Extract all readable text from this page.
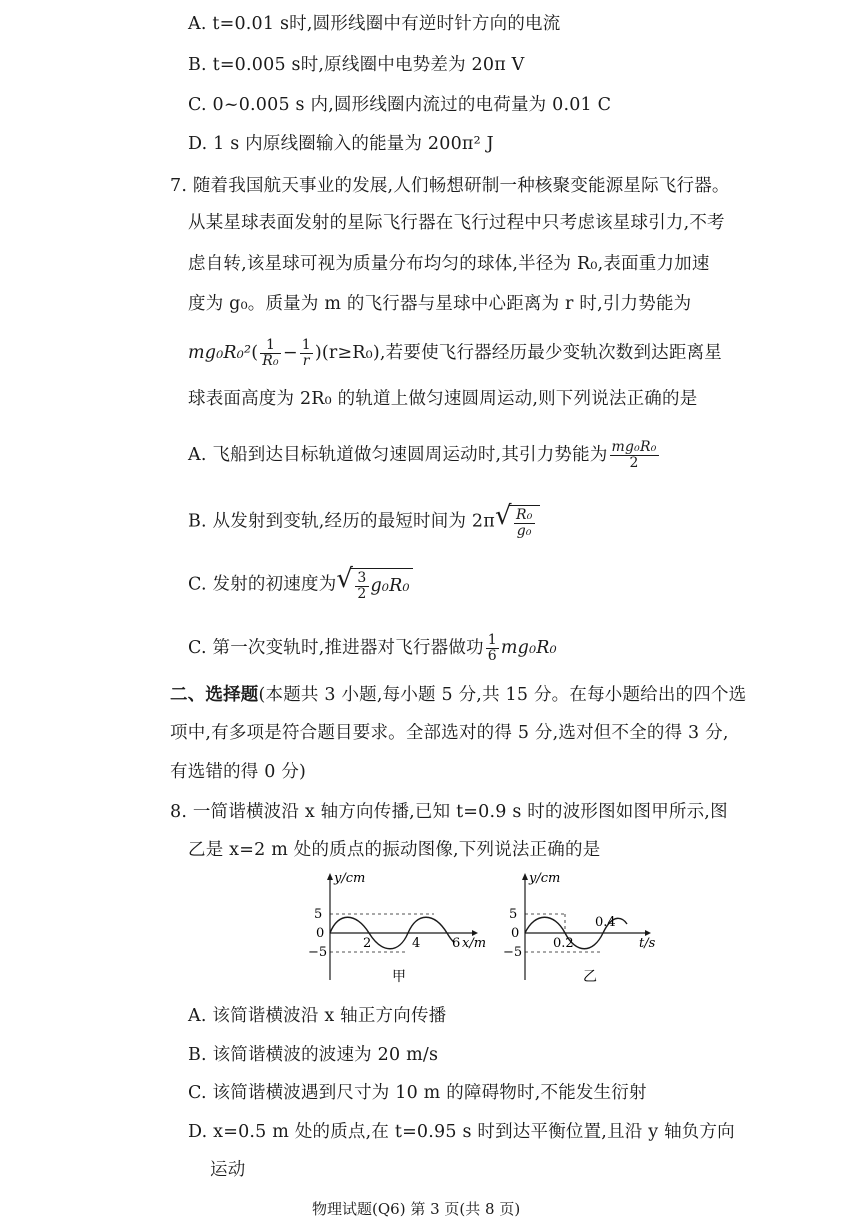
A. t=0.01 s时,圆形线圈中有逆时针方向的电流
B. t=0.005 s时,原线圈中电势差为 20π V
C. 0~0.005 s 内,圆形线圈内流过的电荷量为 0.01 C
D. 1 s 内原线圈输入的能量为 200π² J
7. 随着我国航天事业的发展,人们畅想研制一种核聚变能源星际飞行器。
从某星球表面发射的星际飞行器在飞行过程中只考虑该星球引力,不考
虑自转,该星球可视为质量分布均匀的球体,半径为 R₀,表面重力加速
度为 g₀。质量为 m 的飞行器与星球中心距离为 r 时,引力势能为
$mg_0R_0^2( \frac{1}{\text{R₀}} - \frac{1}{r} )(r\ge R_0)$,若要使飞行器经历最少变轨次数到达距离星
球表面高度为 2R₀ 的轨道上做匀速圆周运动,则下列说法正确的是
A. 飞船到达目标轨道做匀速圆周运动时,其引力势能为 $\frac{\text{mg₀R₀}}{2}$
B. 从发射到变轨,经历的最短时间为 2π √ $\frac{\text{R₀}}{\text{g₀}}$
C. 发射的初速度为 √ $\frac{3}{2} g_0R_0$
C. 第一次变轨时,推进器对飞行器做功 $\frac{1}{6} mg_0R_0$
二、选择题(本题共 3 小题,每小题 5 分,共 15 分。在每小题给出的四个选
项中,有多项是符合题目要求。全部选对的得 5 分,选对但不全的得 3 分,
有选错的得 0 分)
8. 一简谐横波沿 x 轴方向传播,已知 t=0.9 s 时的波形图如图甲所示,图
乙是 x=2 m 处的质点的振动图像,下列说法正确的是
y/cm
5
0
−5
2	4 6 x/m
甲
y/cm
5
0
−5
0.2
0.4
t/s
乙
A. 该简谐横波沿 x 轴正方向传播
B. 该简谐横波的波速为 20 m/s
C. 该简谐横波遇到尺寸为 10 m 的障碍物时,不能发生衍射
D. x=0.5 m 处的质点,在 t=0.95 s 时到达平衡位置,且沿 y 轴负方向
运动
物理试题(Q6) 第 3 页(共 8 页)
